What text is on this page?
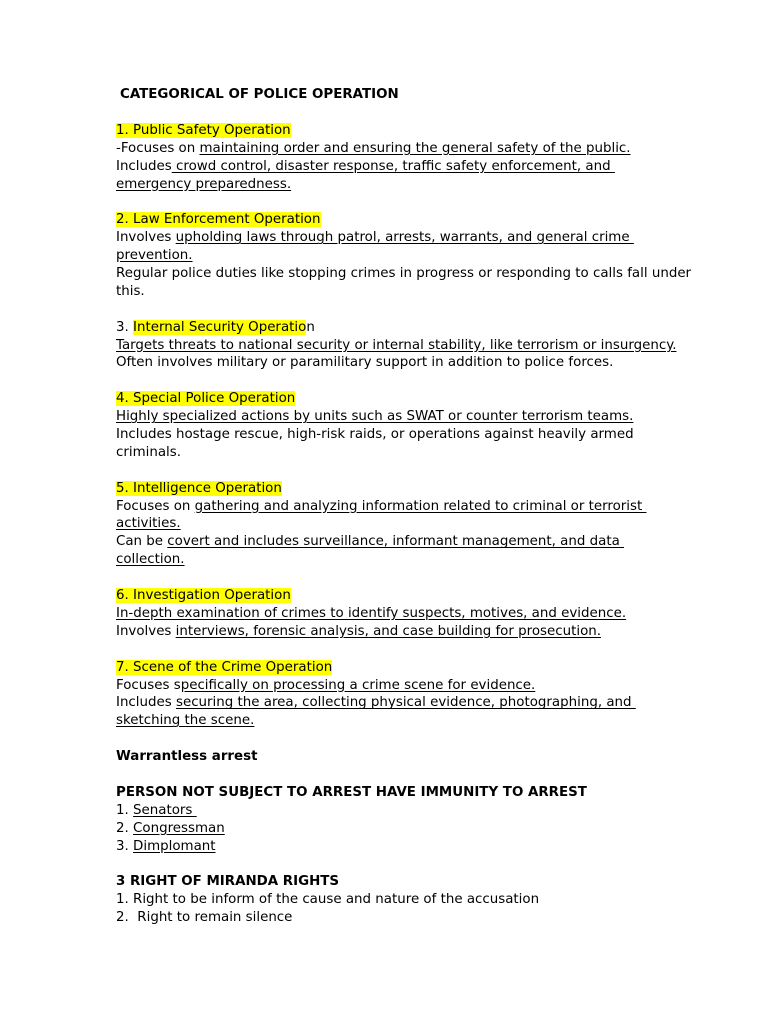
CATEGORICAL OF POLICE OPERATION
1. Public Safety Operation
-Focuses on maintaining order and ensuring the general safety of the public.
Includes crowd control, disaster response, traffic safety enforcement, and
emergency preparedness.
2. Law Enforcement Operation
Involves upholding laws through patrol, arrests, warrants, and general crime
prevention.
Regular police duties like stopping crimes in progress or responding to calls fall under
this.
3. Internal Security Operation
Targets threats to national security or internal stability, like terrorism or insurgency.
Often involves military or paramilitary support in addition to police forces.
4. Special Police Operation
Highly specialized actions by units such as SWAT or counter terrorism teams.
Includes hostage rescue, high-risk raids, or operations against heavily armed
criminals.
5. Intelligence Operation
Focuses on gathering and analyzing information related to criminal or terrorist
activities.
Can be covert and includes surveillance, informant management, and data
collection.
6. Investigation Operation
In-depth examination of crimes to identify suspects, motives, and evidence.
Involves interviews, forensic analysis, and case building for prosecution.
7. Scene of the Crime Operation
Focuses specifically on processing a crime scene for evidence.
Includes securing the area, collecting physical evidence, photographing, and
sketching the scene.
Warrantless arrest
PERSON NOT SUBJECT TO ARREST HAVE IMMUNITY TO ARREST
1. Senators
2. Congressman
3. Dimplomant
3 RIGHT OF MIRANDA RIGHTS
1. Right to be inform of the cause and nature of the accusation
2.  Right to remain silence
